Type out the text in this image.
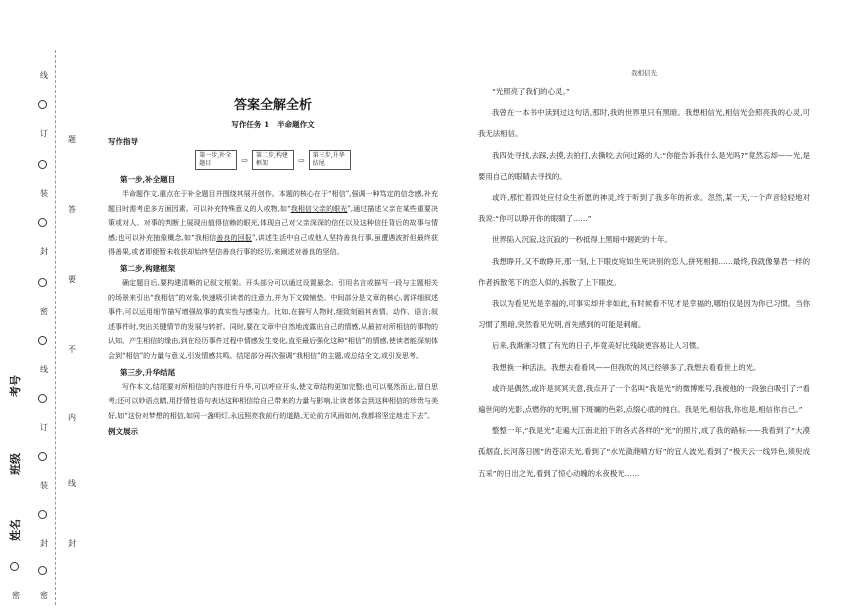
线
订
装
封
密
线
订
装
封
密
题
答
要
不
内
线
封
密
考号
班级
姓名
答案全解全析
写作任务 1 半命题作文
写作指导
第一步,补全题目	⇨	第二步,构建框架	⇨	第三步,升华结尾
第一步,补全题目

半命题作文,重点在于补全题目并围绕其展开创作。本题的核心在于“相信”,强调一种笃定的信念感,补充题目时需考虑多方面因素。可以补充特殊意义的人或物,如“我相信父亲的眼光”,通过描述父亲在某些重要决策或对人、对事的判断上展现出值得信赖的眼光,体现自己对父亲深深的信任以及这种信任背后的故事与情感;也可以补充抽象概念,如“我相信善良的回报”,讲述生活中自己或他人坚持善良行事,虽遭遇波折但最终获得善果,或者即便暂未收获却始终坚信善良行事的经历,来阐述对善良的坚信。

第二步,构建框架

确定题目后,要构建清晰的记叙文框架。开头部分可以通过设置悬念、引用名言或描写一段与主题相关的场景来引出“我相信”的对象,快速吸引读者的注意力,并为下文做铺垫。中间部分是文章的核心,需详细叙述事件,可以运用细节描写增强故事的真实性与感染力。比如,在描写人物时,细致刻画其表情、动作、语言;叙述事件时,突出关键情节的发展与转折。同时,要在文章中自然地流露出自己的情感,从最初对所相信的事物的认知、产生相信的缘由,到在经历事件过程中情感发生变化,直至最后强化这种“相信”的情感,使读者能深刻体会到“相信”的力量与意义,引发情感共鸣。结尾部分再次强调“我相信”的主题,或总结全文,或引发思考。

第三步,升华结尾

写作本文,结尾要对所相信的内容进行升华,可以呼应开头,使文章结构更加完整;也可以戛然而止,留白思考;还可以妙语点睛,用抒情性语句表达这种相信给自己带来的力量与影响,让读者体会到这种相信的珍贵与美好,如“这份对梦想的相信,如同一盏明灯,永远照亮我前行的道路,无论前方风雨如何,我都将坚定地走下去”。

例文展示
我相信光

“光照亮了我们的心灵。”

我曾在一本书中读到过这句话,那时,我的世界里只有黑暗。我想相信光,相信光会照亮我的心灵,可我无法相信。

我四处寻找,去踩,去摸,去拍打,去撕咬,去问过路的人:“你能告诉我什么是光吗?”竟然忘却——光,是要用自己的眼睛去寻找的。

或许,那忙着四处应付众生祈愿的神灵,终于听到了我多年的祈求。忽然,某一天,一个声音轻轻地对我说:“你可以睁开你的眼睛了……”

世界陷入沉寂,这沉寂的一秒抵得上黑暗中蹉跎的十年。

我想睁开,又不敢睁开,那一刻,上下眼皮宛如生死诀别的恋人,拼死相拥……最终,我就像暴君一样的作者拆散笔下的恋人似的,拆散了上下眼皮。

我以为看见光是幸福的,可事实却并非如此,有时候看不见才是幸福的,哪怕仅是因为你已习惯。当你习惯了黑暗,突然看见光明,首先感到的可能是刺痛。

后来,我渐渐习惯了有光的日子,毕竟美好比残缺更容易让人习惯。

我想换一种活法。我想去看看风——但我吹的风已经够多了,我想去看看世上的光。

或许是偶然,或许是冥冥天意,我点开了一个名叫“我是光”的微博账号,我被他的一段独白吸引了:“看遍世间的光影,点燃你的光明,留下斑斓的色彩,点缀心底的纯白。我是光,相信我,你也是,相信你自己。”

整整一年,“我是光”走遍大江南北拍下的各式各样的“光”的照片,成了我的路标——我看到了“大漠孤烟直,长河落日圆”的苍凉天光,看到了“水光潋滟晴方好”的宜人波光,看到了“极天云一线异色,须臾成五采”的日出之光,看到了惊心动魄的永夜极光……
